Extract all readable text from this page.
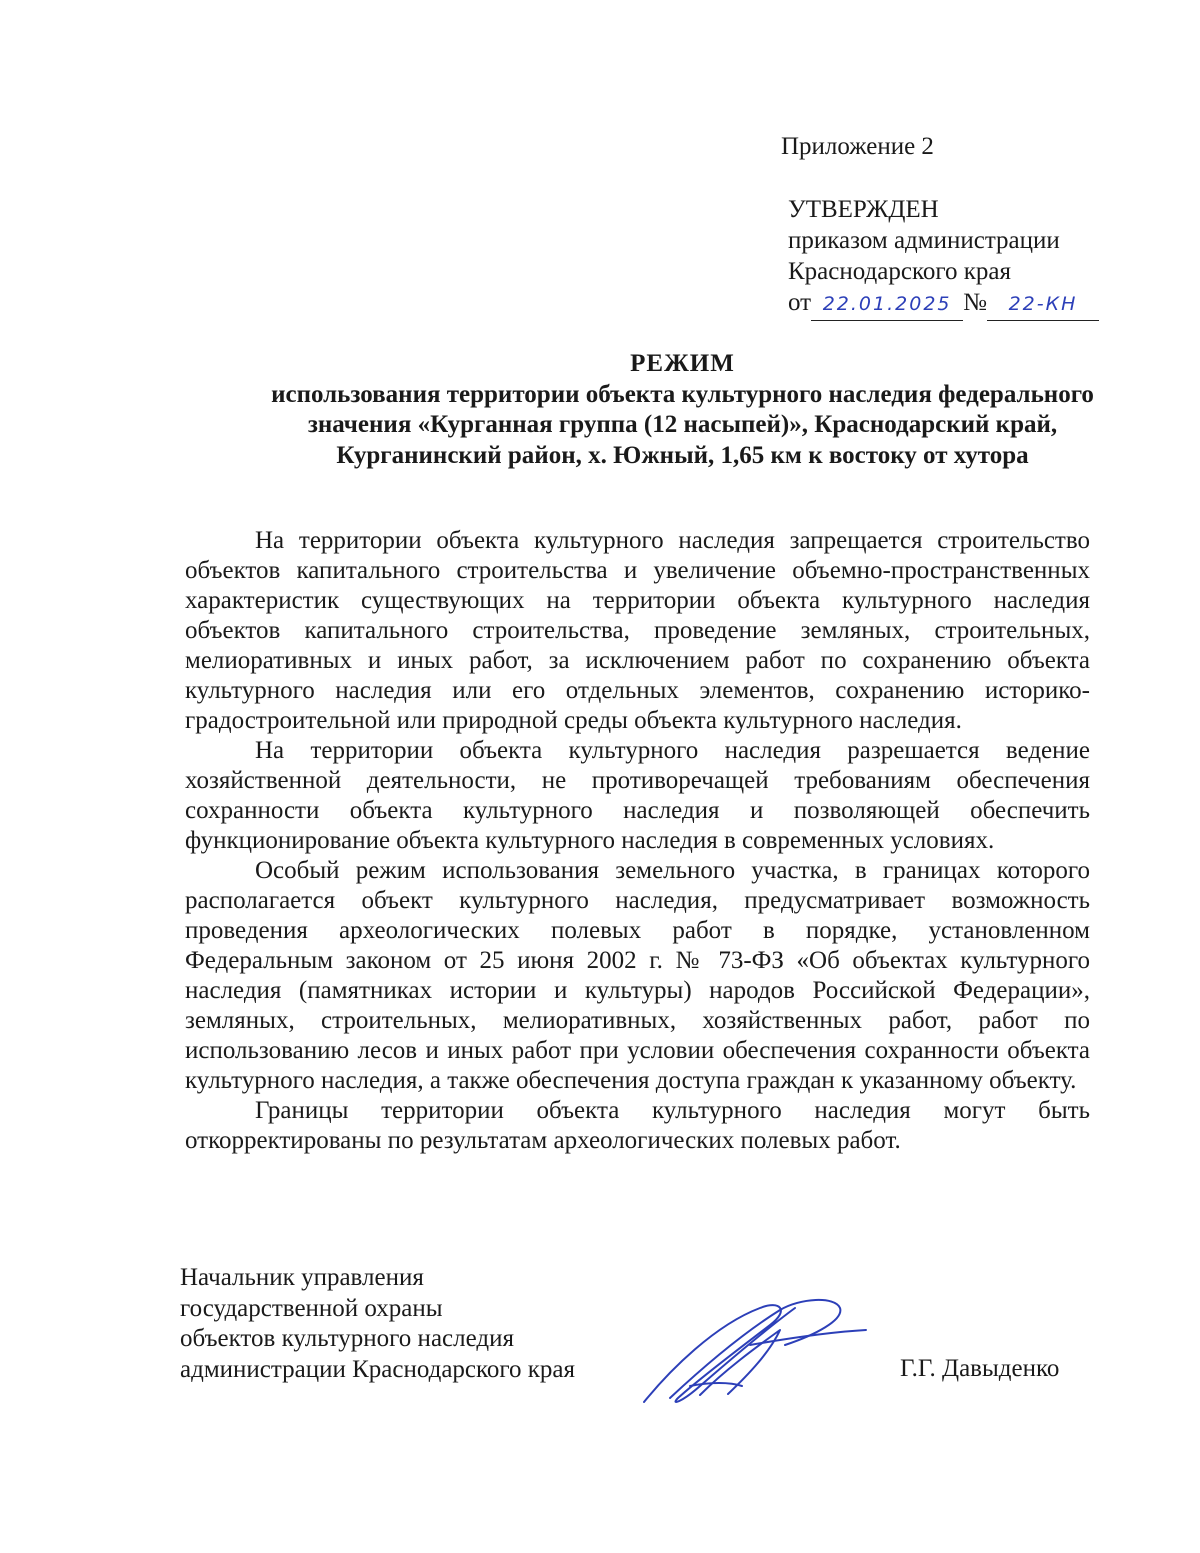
Приложение 2
УТВЕРЖДЕН
приказом администрации
Краснодарского края
от 22.01.2025 № 22-КН
РЕЖИМ
использования территории объекта культурного наследия федерального
значения «Курганная группа (12 насыпей)», Краснодарский край,
Курганинский район, х. Южный, 1,65 км к востоку от хутора

На территории объекта культурного наследия запрещается строительство объектов капитального строительства и увеличение объемно-пространственных характеристик существующих на территории объекта культурного наследия объектов капитального строительства, проведение земляных, строительных, мелиоративных и иных работ, за исключением работ по сохранению объекта культурного наследия или его отдельных элементов, сохранению историко-градостроительной или природной среды объекта культурного наследия.

На территории объекта культурного наследия разрешается ведение хозяйственной деятельности, не противоречащей требованиям обеспечения сохранности объекта культурного наследия и позволяющей обеспечить функционирование объекта культурного наследия в современных условиях.

Особый режим использования земельного участка, в границах которого располагается объект культурного наследия, предусматривает возможность проведения археологических полевых работ в порядке, установленном Федеральным законом от 25 июня 2002 г. № 73-ФЗ «Об объектах культурного наследия (памятниках истории и культуры) народов Российской Федерации», земляных, строительных, мелиоративных, хозяйственных работ, работ по использованию лесов и иных работ при условии обеспечения сохранности объекта культурного наследия, а также обеспечения доступа граждан к указанному объекту.

Границы территории объекта культурного наследия могут быть откорректированы по результатам археологических полевых работ.

Начальник управления
государственной охраны
объектов культурного наследия
администрации Краснодарского края	Г.Г. Давыденко
